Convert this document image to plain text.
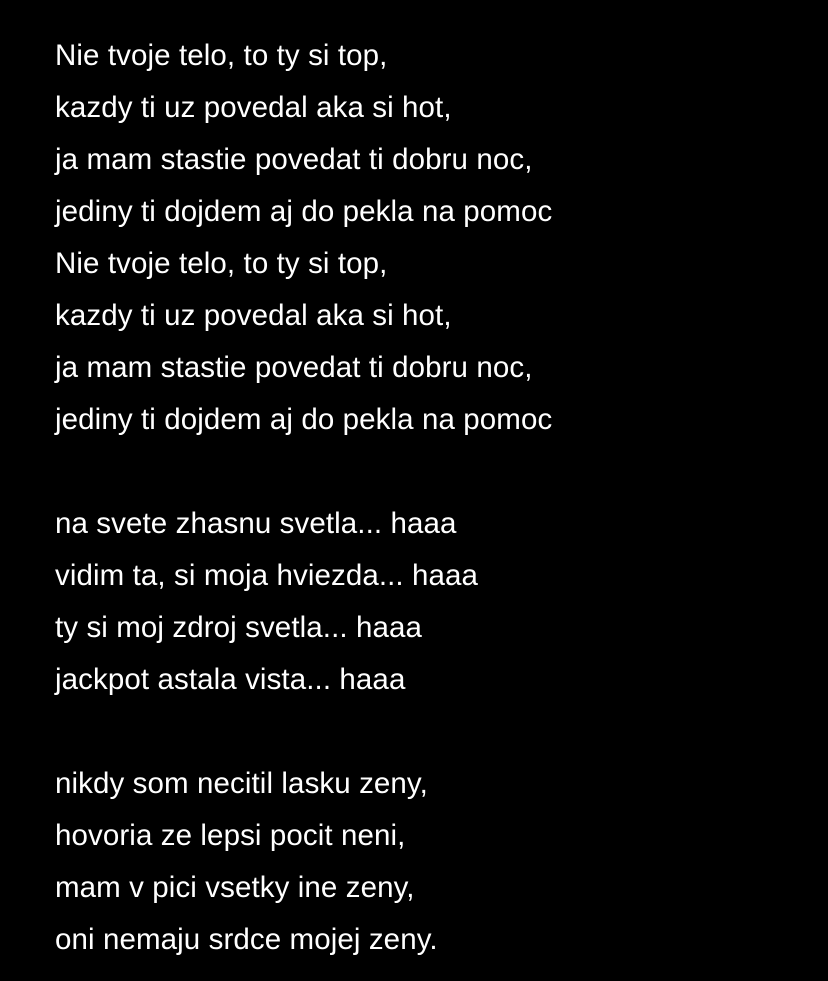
Nie tvoje telo, to ty si top,
kazdy ti uz povedal aka si hot,
ja mam stastie povedat ti dobru noc,
jediny ti dojdem aj do pekla na pomoc
Nie tvoje telo, to ty si top,
kazdy ti uz povedal aka si hot,
ja mam stastie povedat ti dobru noc,
jediny ti dojdem aj do pekla na pomoc
na svete zhasnu svetla... haaa
vidim ta, si moja hviezda... haaa
ty si moj zdroj svetla... haaa
jackpot astala vista... haaa
nikdy som necitil lasku zeny,
hovoria ze lepsi pocit neni,
mam v pici vsetky ine zeny,
oni nemaju srdce mojej zeny.
